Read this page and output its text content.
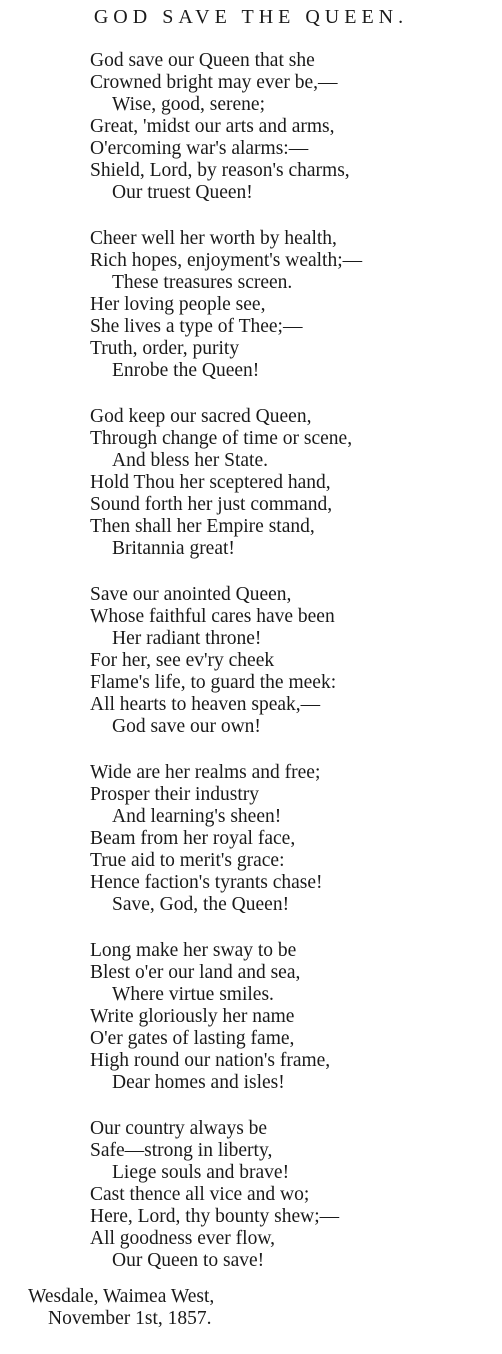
GOD SAVE THE QUEEN.
God save our Queen that she
Crowned bright may ever be,—
Wise, good, serene;
Great, 'midst our arts and arms,
O'ercoming war's alarms:—
Shield, Lord, by reason's charms,
Our truest Queen!
Cheer well her worth by health,
Rich hopes, enjoyment's wealth;—
These treasures screen.
Her loving people see,
She lives a type of Thee;—
Truth, order, purity
Enrobe the Queen!
God keep our sacred Queen,
Through change of time or scene,
And bless her State.
Hold Thou her sceptered hand,
Sound forth her just command,
Then shall her Empire stand,
Britannia great!
Save our anointed Queen,
Whose faithful cares have been
Her radiant throne!
For her, see ev'ry cheek
Flame's life, to guard the meek:
All hearts to heaven speak,—
God save our own!
Wide are her realms and free;
Prosper their industry
And learning's sheen!
Beam from her royal face,
True aid to merit's grace:
Hence faction's tyrants chase!
Save, God, the Queen!
Long make her sway to be
Blest o'er our land and sea,
Where virtue smiles.
Write gloriously her name
O'er gates of lasting fame,
High round our nation's frame,
Dear homes and isles!
Our country always be
Safe—strong in liberty,
Liege souls and brave!
Cast thence all vice and wo;
Here, Lord, thy bounty shew;—
All goodness ever flow,
Our Queen to save!
Wesdale, Waimea West,
November 1st, 1857.
